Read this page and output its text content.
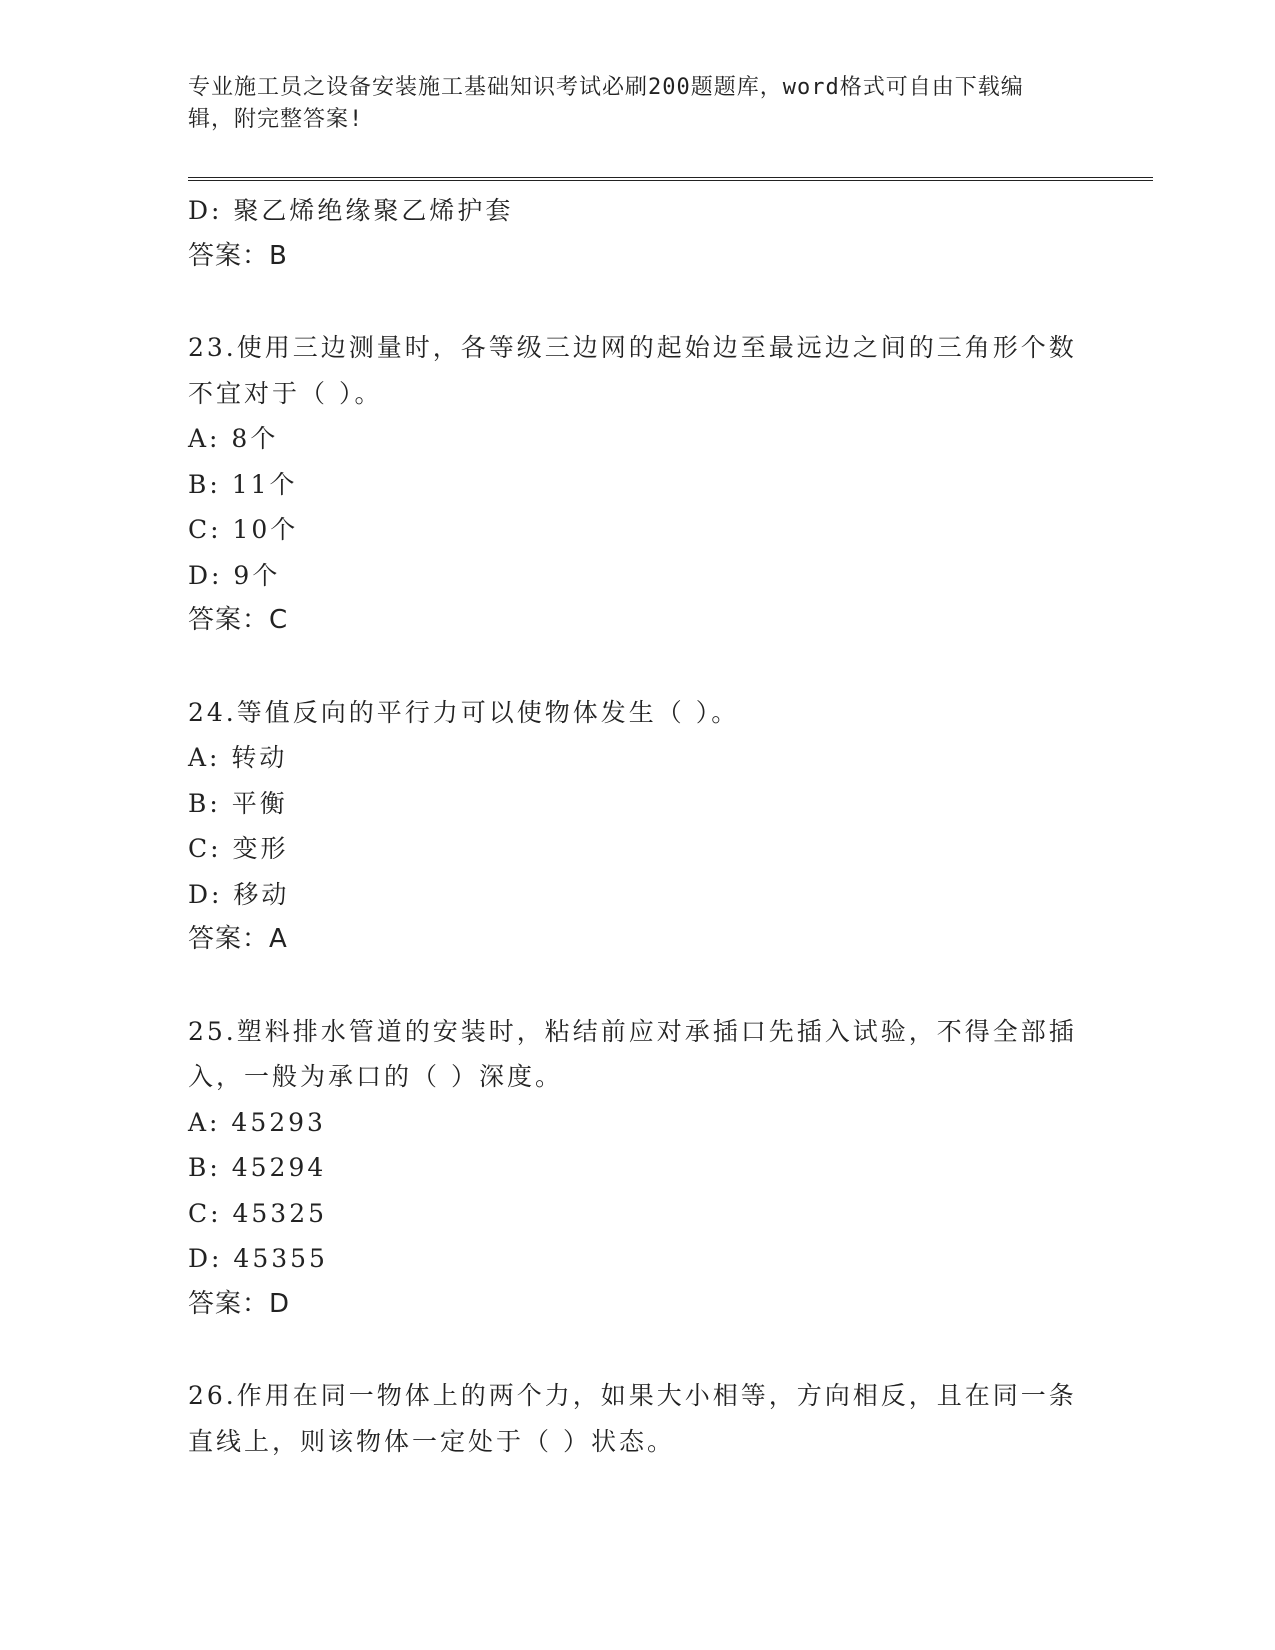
专业施工员之设备安装施工基础知识考试必刷200题题库，word格式可自由下载编辑，附完整答案!
D: 聚乙烯绝缘聚乙烯护套
答案：B
23.使用三边测量时，各等级三边网的起始边至最远边之间的三角形个数不宜对于（ ）。
A: 8个
B: 11个
C: 10个
D: 9个
答案：C
24.等值反向的平行力可以使物体发生（ ）。
A: 转动
B: 平衡
C: 变形
D: 移动
答案：A
25.塑料排水管道的安装时，粘结前应对承插口先插入试验，不得全部插入，一般为承口的（ ）深度。
A: 45293
B: 45294
C: 45325
D: 45355
答案：D
26.作用在同一物体上的两个力，如果大小相等，方向相反，且在同一条直线上，则该物体一定处于（ ）状态。
